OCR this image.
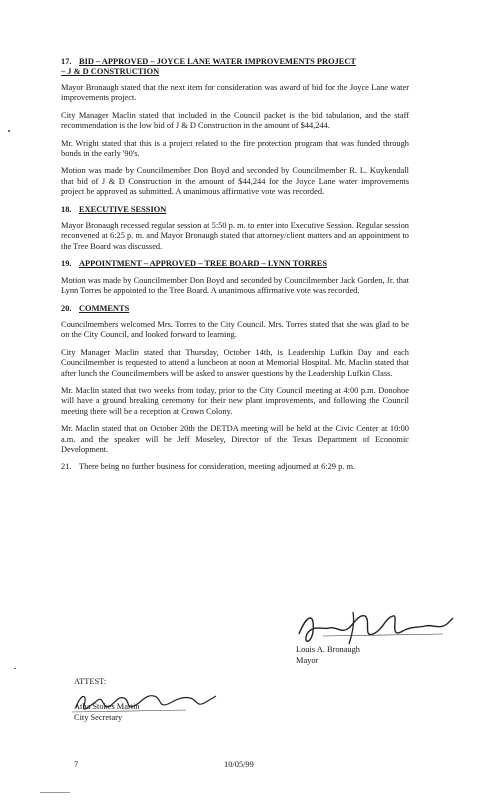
17. BID – APPROVED – JOYCE LANE WATER IMPROVEMENTS PROJECT
– J & D CONSTRUCTION

Mayor Bronaugh stated that the next item for consideration was award of bid for the Joyce Lane water improvements project.

City Manager Maclin stated that included in the Council packet is the bid tabulation, and the staff recommendation is the low bid of J & D Construction in the amount of $44,244.

Mr. Wright stated that this is a project related to the fire protection program that was funded through bonds in the early '90's.

Motion was made by Councilmember Don Boyd and seconded by Councilmember R. L. Kuykendall that bid of J & D Construction in the amount of $44,244 for the Joyce Lane water improvements project be approved as submitted. A unanimous affirmative vote was recorded.

18. EXECUTIVE SESSION

Mayor Bronaugh recessed regular session at 5:50 p. m. to enter into Executive Session. Regular session reconvened at 6:25 p. m. and Mayor Bronaugh stated that attorney/client matters and an appointment to the Tree Board was discussed.

19. APPOINTMENT – APPROVED – TREE BOARD – LYNN TORRES

Motion was made by Councilmember Don Boyd and seconded by Councilmember Jack Gorden, Jr. that Lynn Torres be appointed to the Tree Board. A unanimous affirmative vote was recorded.

20. COMMENTS

Councilmembers welcomed Mrs. Torres to the City Council. Mrs. Torres stated that she was glad to be on the City Council, and looked forward to learning.

City Manager Maclin stated that Thursday, October 14th, is Leadership Lufkin Day and each Councilmember is requested to attend a luncheon at noon at Memorial Hospital. Mr. Maclin stated that after lunch the Councilmembers will be asked to answer questions by the Leadership Lufkin Class.

Mr. Maclin stated that two weeks from today, prior to the City Council meeting at 4:00 p.m. Donohoe will have a ground breaking ceremony for their new plant improvements, and following the Council meeting there will be a reception at Crown Colony.

Mr. Maclin stated that on October 20th the DETDA meeting will be held at the Civic Center at 10:00 a.m. and the speaker will be Jeff Moseley, Director of the Texas Department of Economic Development.

21. There being no further business for consideration, meeting adjourned at 6:29 p. m.

Louis A. Bronaugh
Mayor
ATTEST:
Atha Stokes Martin
City Secretary
7	10/05/99
